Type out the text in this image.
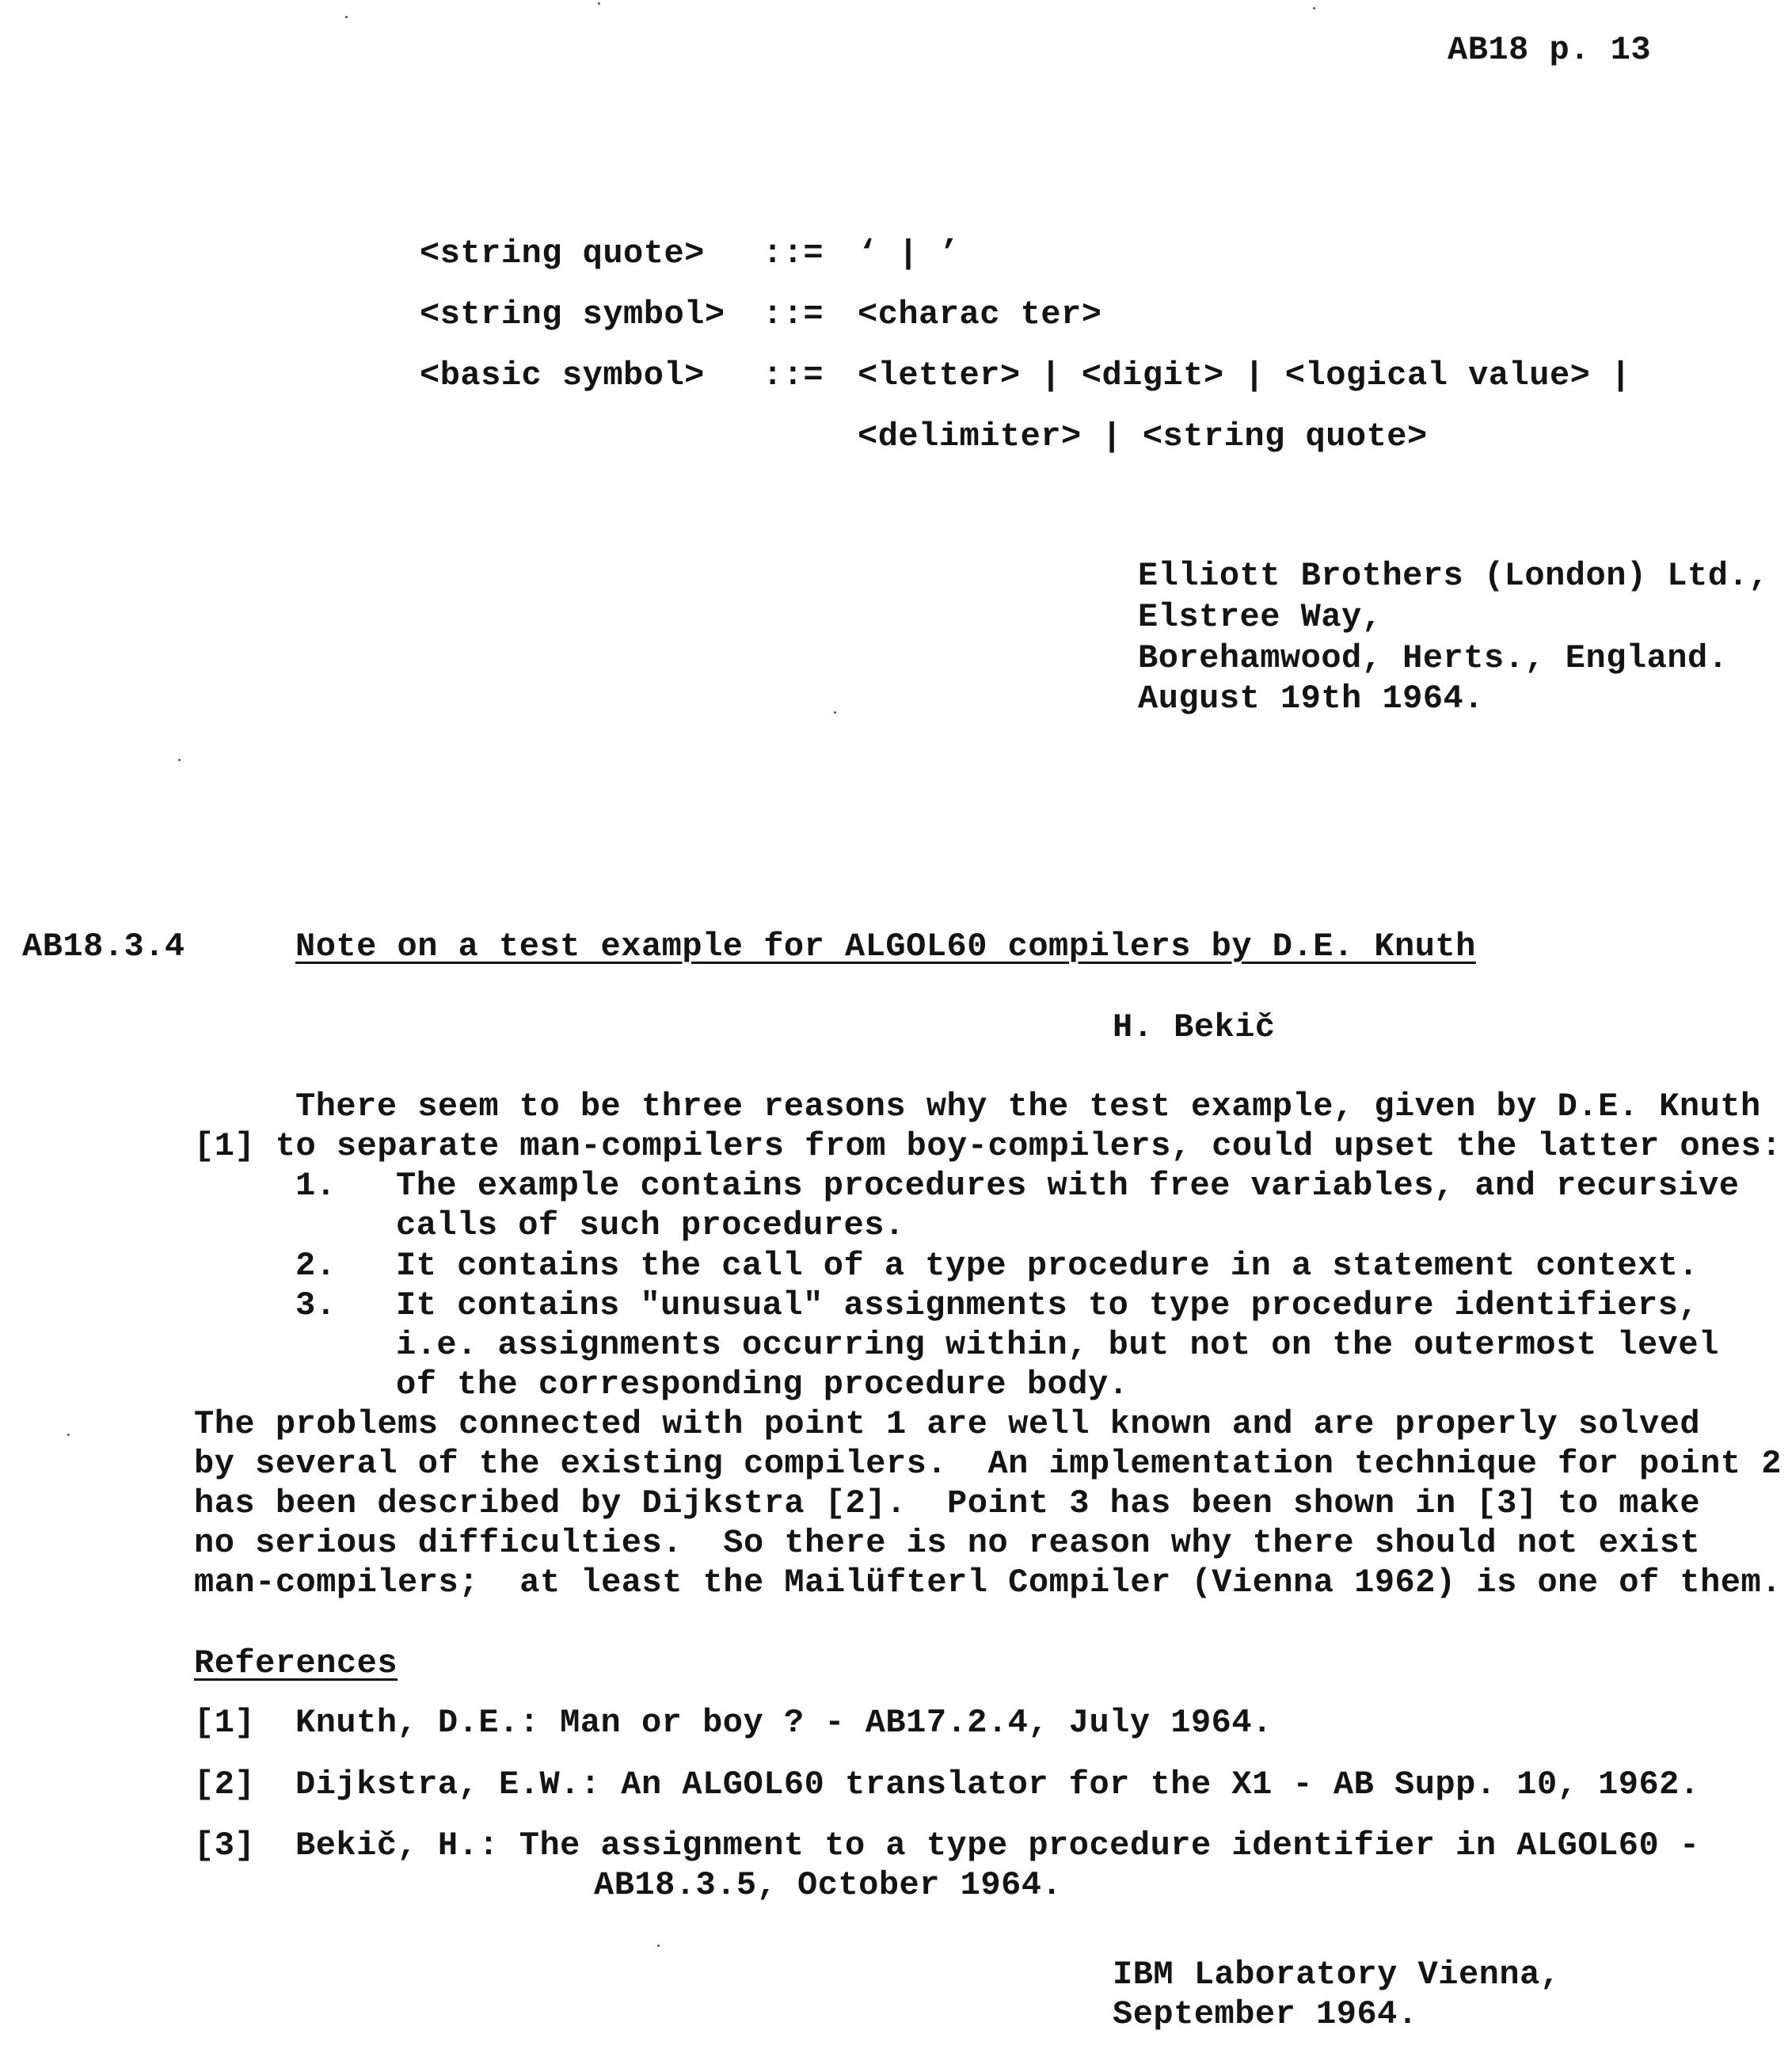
AB18 p. 13
<string quote> ::= ‘ | ’
<string symbol> ::= <charac ter>
<basic symbol> ::= <letter> | <digit> | <logical value> |
<delimiter> | <string quote>
Elliott Brothers (London) Ltd.,
Elstree Way,
Borehamwood, Herts., England.
August 19th 1964.
AB18.3.4	Note on a test example for ALGOL60 compilers by D.E. Knuth
H. Bekič
There seem to be three reasons why the test example, given by D.E. Knuth
[1] to separate man-compilers from boy-compilers, could upset the latter ones:
1. The example contains procedures with free variables, and recursive
calls of such procedures.
2. It contains the call of a type procedure in a statement context.
3. It contains "unusual" assignments to type procedure identifiers,
i.e. assignments occurring within, but not on the outermost level
of the corresponding procedure body.
The problems connected with point 1 are well known and are properly solved
by several of the existing compilers.  An implementation technique for point 2
has been described by Dijkstra [2].  Point 3 has been shown in [3] to make
no serious difficulties.  So there is no reason why there should not exist
man-compilers;  at least the Mailüfterl Compiler (Vienna 1962) is one of them.
References
[1] Knuth, D.E.: Man or boy ? - AB17.2.4, July 1964.
[2] Dijkstra, E.W.: An ALGOL60 translator for the X1 - AB Supp. 10, 1962.
[3] Bekič, H.: The assignment to a type procedure identifier in ALGOL60 -
AB18.3.5, October 1964.
IBM Laboratory Vienna,
September 1964.
